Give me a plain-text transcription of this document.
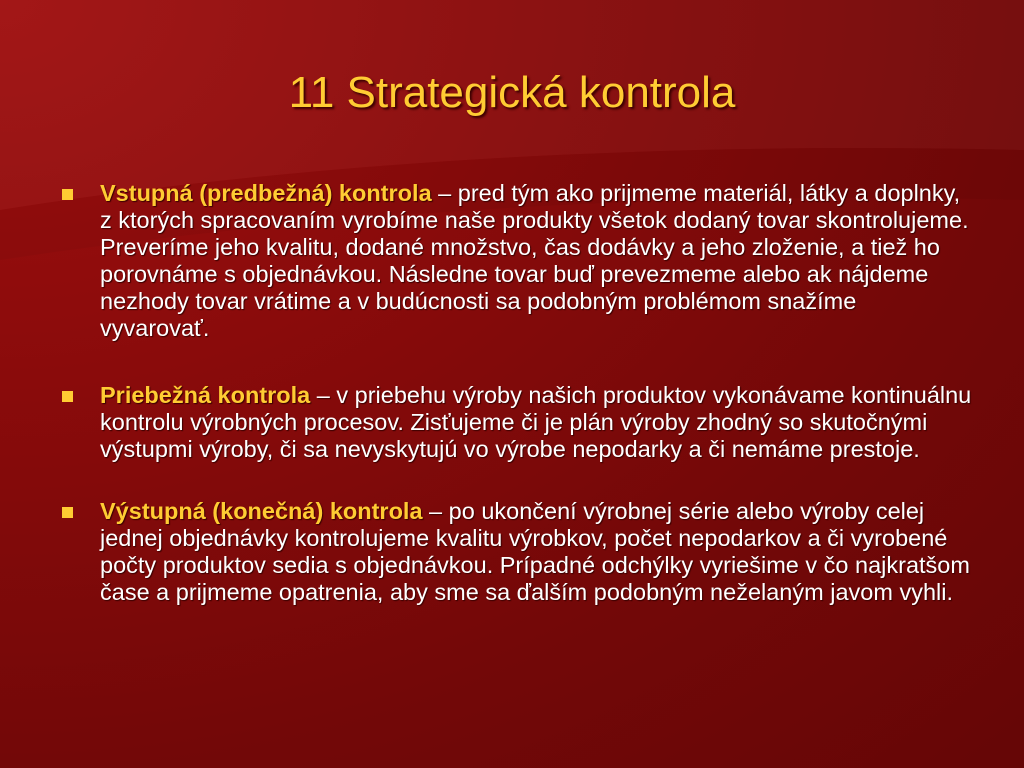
11 Strategická kontrola
Vstupná (predbežná) kontrola – pred tým ako prijmeme materiál, látky a doplnky, z ktorých spracovaním vyrobíme naše produkty všetok dodaný tovar skontrolujeme. Preveríme jeho kvalitu, dodané množstvo, čas dodávky a jeho zloženie, a tiež ho porovnáme s objednávkou. Následne tovar buď prevezmeme alebo ak nájdeme nezhody tovar vrátime a v budúcnosti sa podobným problémom snažíme vyvarovať.
Priebežná kontrola – v priebehu výroby našich produktov vykonávame kontinuálnu kontrolu výrobných procesov. Zisťujeme či je plán výroby zhodný so skutočnými výstupmi výroby, či sa nevyskytujú vo výrobe nepodarky a či nemáme prestoje.
Výstupná (konečná) kontrola – po ukončení výrobnej série alebo výroby celej jednej objednávky kontrolujeme kvalitu výrobkov, počet nepodarkov a či vyrobené počty produktov sedia s objednávkou. Prípadné odchýlky vyriešime v čo najkratšom čase a prijmeme opatrenia, aby sme sa ďalším podobným neželaným javom vyhli.
